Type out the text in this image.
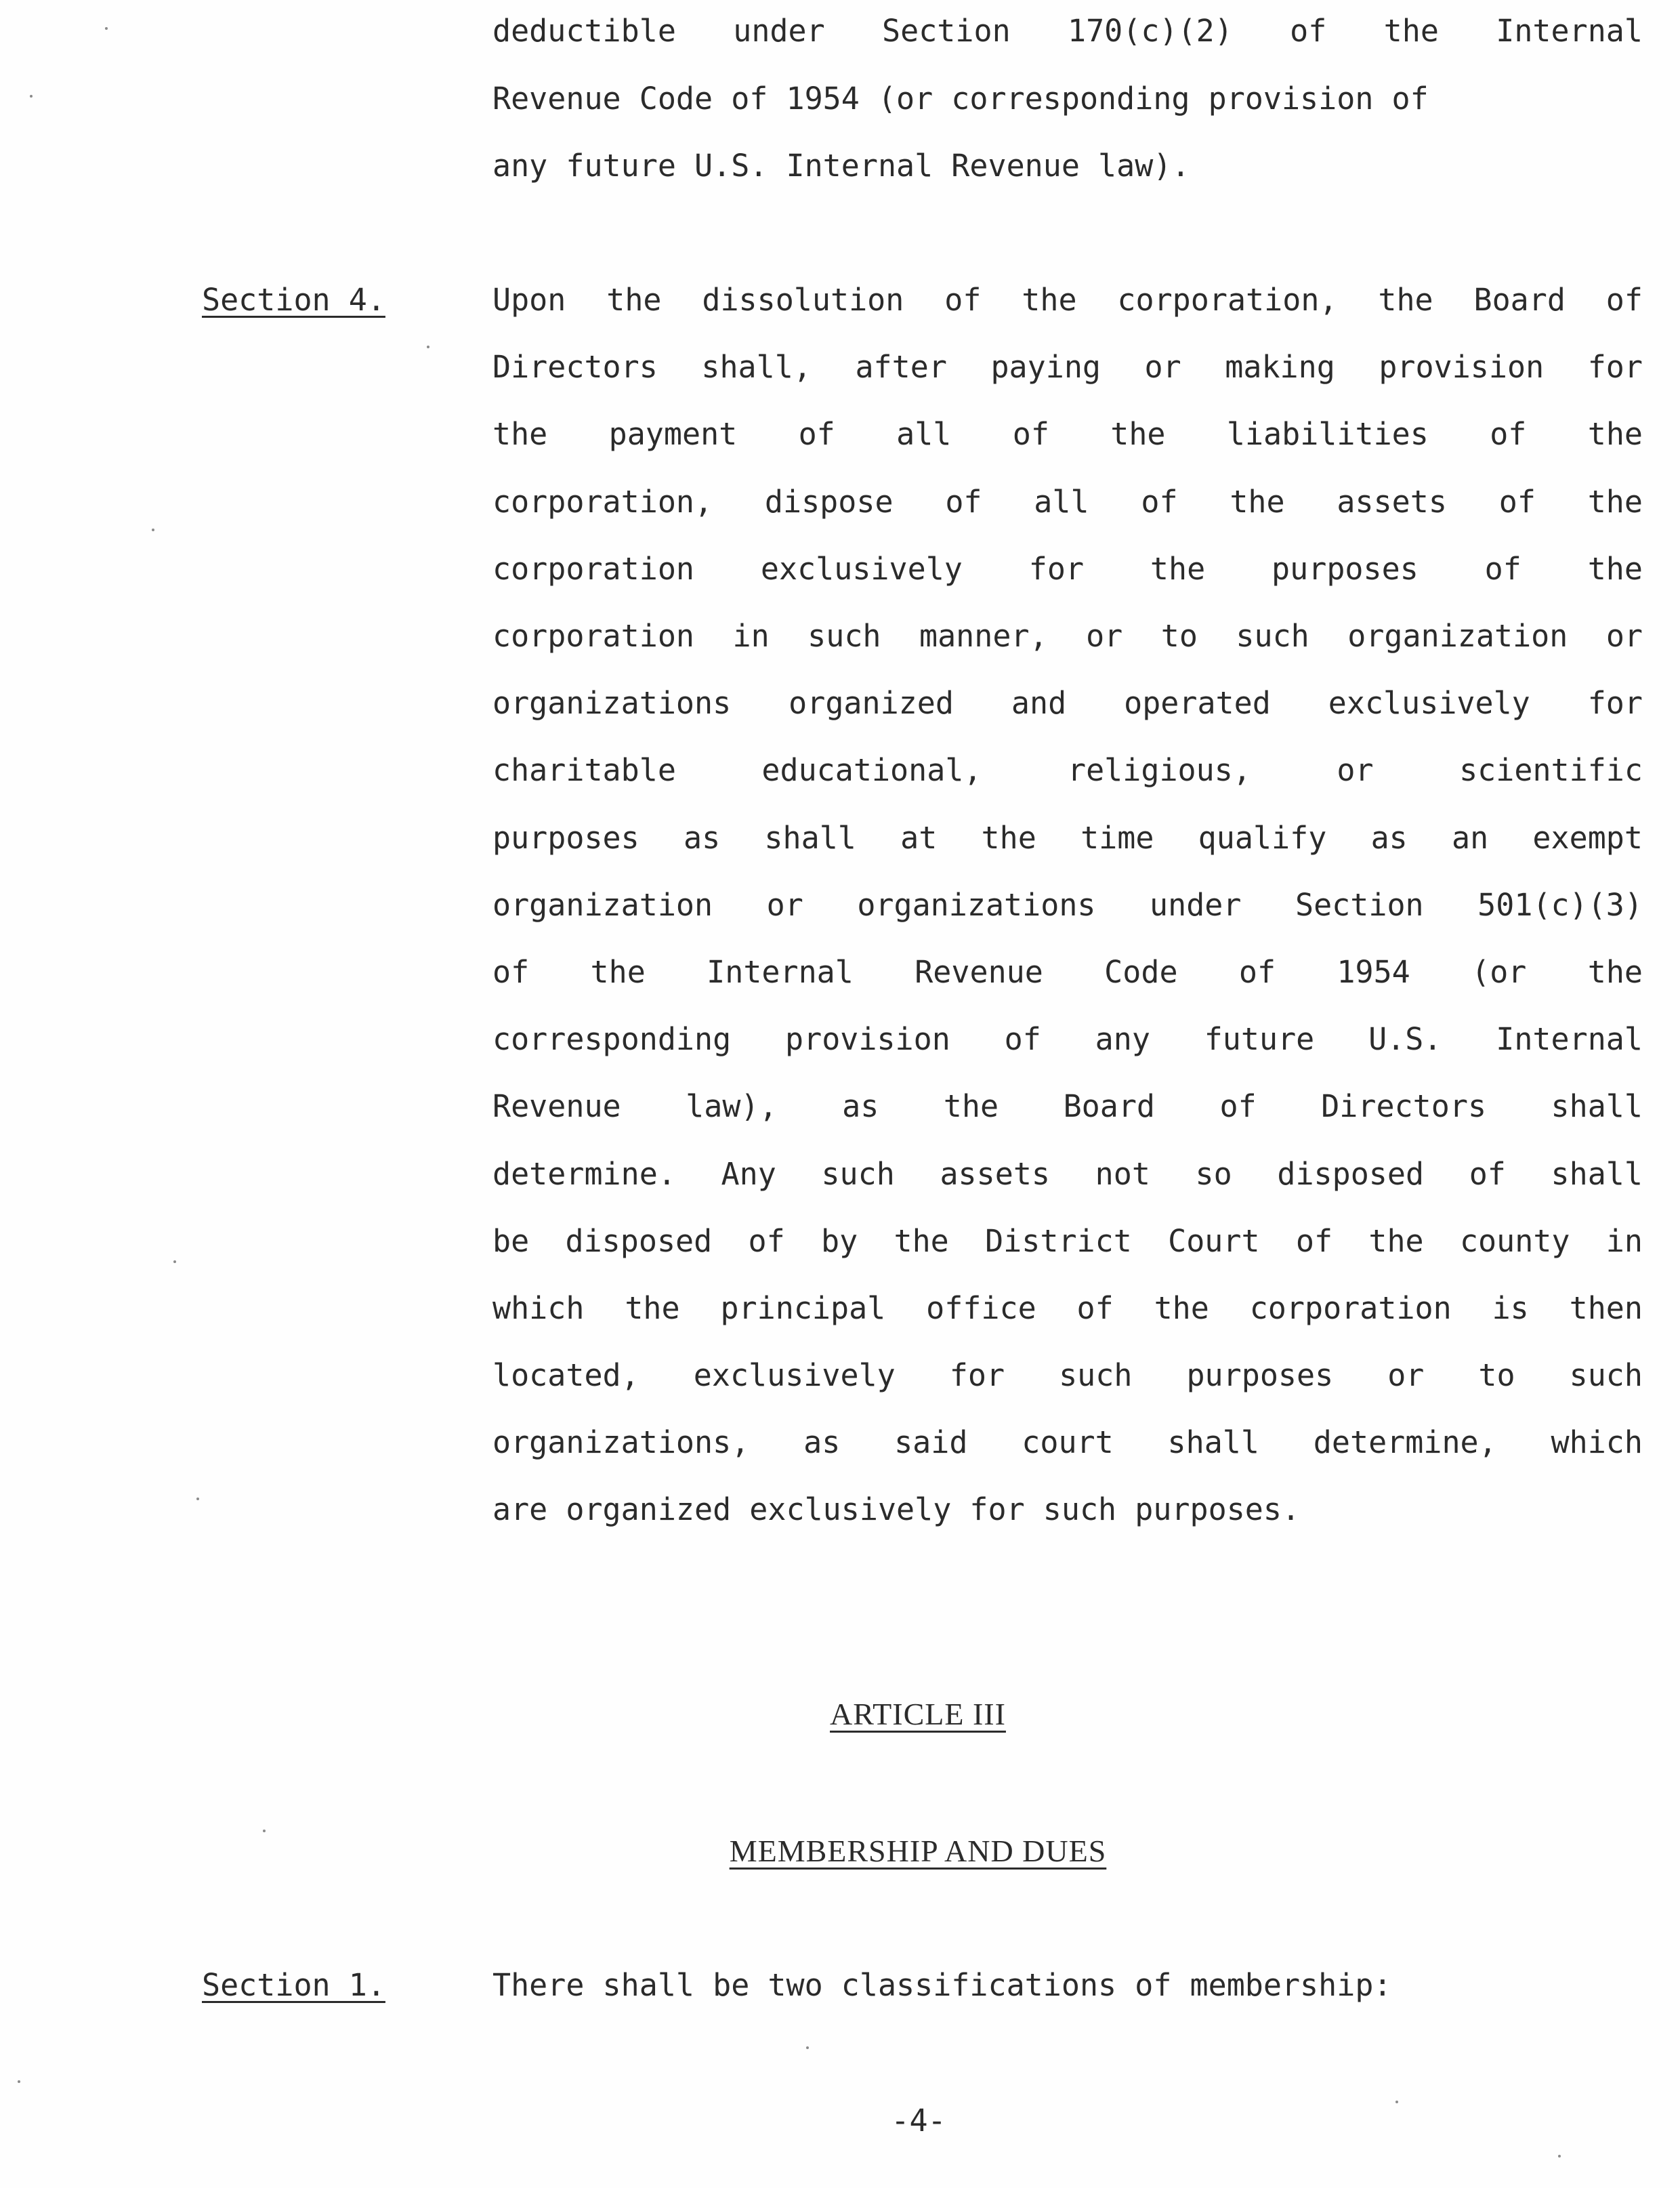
deductible under Section 170(c)(2) of the Internal
Revenue Code of 1954 (or corresponding provision of
any future U.S. Internal Revenue law).
Section 4.	Upon the dissolution of the corporation, the Board of
Directors shall, after paying or making provision for
the payment of all of the liabilities of the
corporation, dispose of all of the assets of the
corporation exclusively for the purposes of the
corporation in such manner, or to such organization or
organizations organized and operated exclusively for
charitable educational, religious, or scientific
purposes as shall at the time qualify as an exempt
organization or organizations under Section 501(c)(3)
of the Internal Revenue Code of 1954 (or the
corresponding provision of any future U.S. Internal
Revenue law), as the Board of Directors shall
determine. Any such assets not so disposed of shall
be disposed of by the District Court of the county in
which the principal office of the corporation is then
located, exclusively for such purposes or to such
organizations, as said court shall determine, which
are organized exclusively for such purposes.
ARTICLE III
MEMBERSHIP AND DUES
Section 1.	There shall be two classifications of membership:
-4-
